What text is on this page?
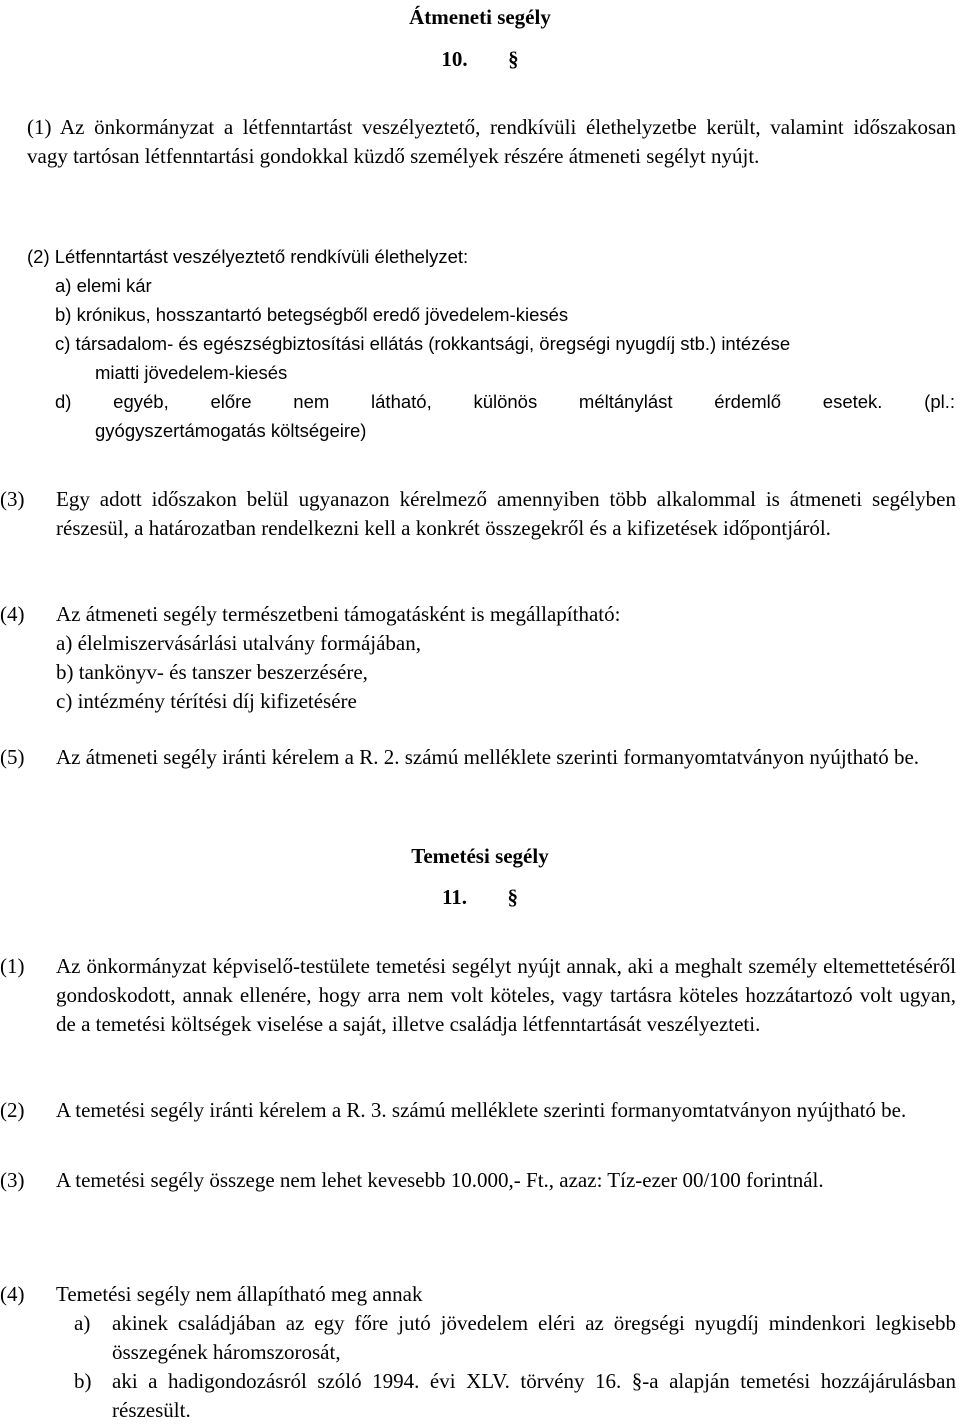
Átmeneti segély
10. §
(1) Az önkormányzat a létfenntartást veszélyeztető, rendkívüli élethelyzetbe került, valamint időszakosan vagy tartósan létfenntartási gondokkal küzdő személyek részére átmeneti segélyt nyújt.
(2) Létfenntartást veszélyeztető rendkívüli élethelyzet:
a) elemi kár
b) krónikus, hosszantartó betegségből eredő jövedelem-kiesés
c) társadalom- és egészségbiztosítási ellátás (rokkantsági, öregségi nyugdíj stb.) intézése
miatti jövedelem-kiesés
d) egyéb, előre nem látható, különös méltánylást érdemlő esetek. (pl.:
gyógyszertámogatás költségeire)
(3) Egy adott időszakon belül ugyanazon kérelmező amennyiben több alkalommal is átmeneti segélyben részesül, a határozatban rendelkezni kell a konkrét összegekről és a kifizetések időpontjáról.
(4) Az átmeneti segély természetbeni támogatásként is megállapítható:
a) élelmiszervásárlási utalvány formájában,
b) tankönyv- és tanszer beszerzésére,
c) intézmény térítési díj kifizetésére
(5) Az átmeneti segély iránti kérelem a R. 2. számú melléklete szerinti formanyomtatványon nyújtható be.
Temetési segély
11. §
(1) Az önkormányzat képviselő-testülete temetési segélyt nyújt annak, aki a meghalt személy eltemettetéséről gondoskodott, annak ellenére, hogy arra nem volt köteles, vagy tartásra köteles hozzátartozó volt ugyan, de a temetési költségek viselése a saját, illetve családja létfenntartását veszélyezteti.
(2) A temetési segély iránti kérelem a R. 3. számú melléklete szerinti formanyomtatványon nyújtható be.
(3) A temetési segély összege nem lehet kevesebb 10.000,- Ft., azaz: Tíz-ezer 00/100 forintnál.
(4) Temetési segély nem állapítható meg annak
a) akinek családjában az egy főre jutó jövedelem eléri az öregségi nyugdíj mindenkori legkisebb összegének háromszorosát,
b) aki a hadigondozásról szóló 1994. évi XLV. törvény 16. §-a alapján temetési hozzájárulásban részesült.
